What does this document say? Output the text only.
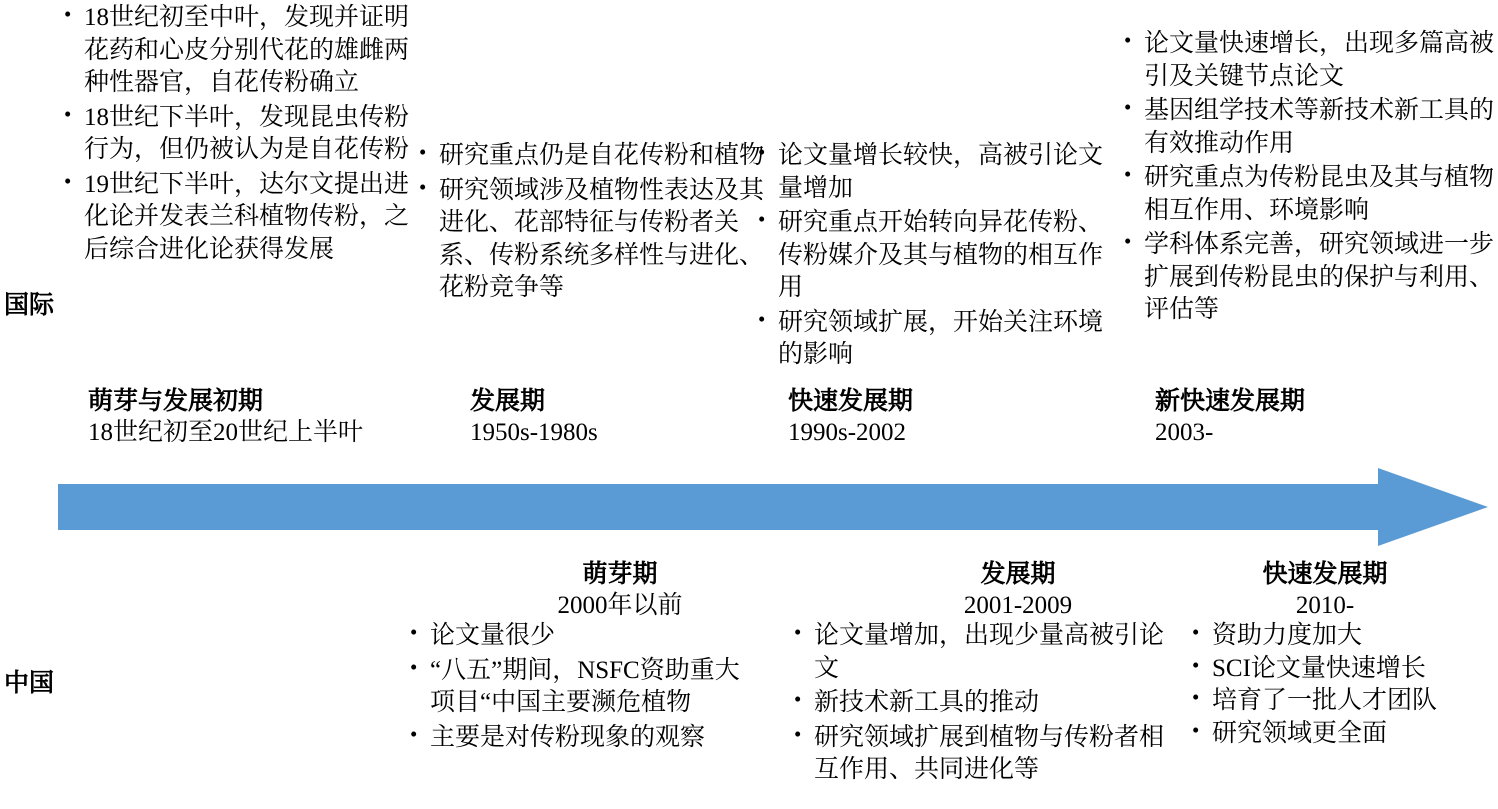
国际
中国
• 18世纪初至中叶，发现并证明花药和心皮分别代花的雄雌两种性器官，自花传粉确立
• 18世纪下半叶，发现昆虫传粉行为，但仍被认为是自花传粉
• 19世纪下半叶，达尔文提出进化论并发表兰科植物传粉，之后综合进化论获得发展
萌芽与发展初期
18世纪初至20世纪上半叶
• 研究重点仍是自花传粉和植物
• 研究领域涉及植物性表达及其进化、花部特征与传粉者关系、传粉系统多样性与进化、花粉竞争等
发展期
1950s-1980s
• 论文量增长较快，高被引论文量增加
• 研究重点开始转向异花传粉、传粉媒介及其与植物的相互作用
• 研究领域扩展，开始关注环境的影响
快速发展期
1990s-2002
• 论文量快速增长，出现多篇高被引及关键节点论文
• 基因组学技术等新技术新工具的有效推动作用
• 研究重点为传粉昆虫及其与植物相互作用、环境影响
• 学科体系完善，研究领域进一步扩展到传粉昆虫的保护与利用、评估等
新快速发展期
2003-
萌芽期
2000年以前
• 论文量很少
• “八五”期间，NSFC资助重大项目“中国主要濒危植物
• 主要是对传粉现象的观察
发展期
2001-2009
• 论文量增加，出现少量高被引论文
• 新技术新工具的推动
• 研究领域扩展到植物与传粉者相互作用、共同进化等
快速发展期
2010-
• 资助力度加大
• SCI论文量快速增长
• 培育了一批人才团队
• 研究领域更全面
